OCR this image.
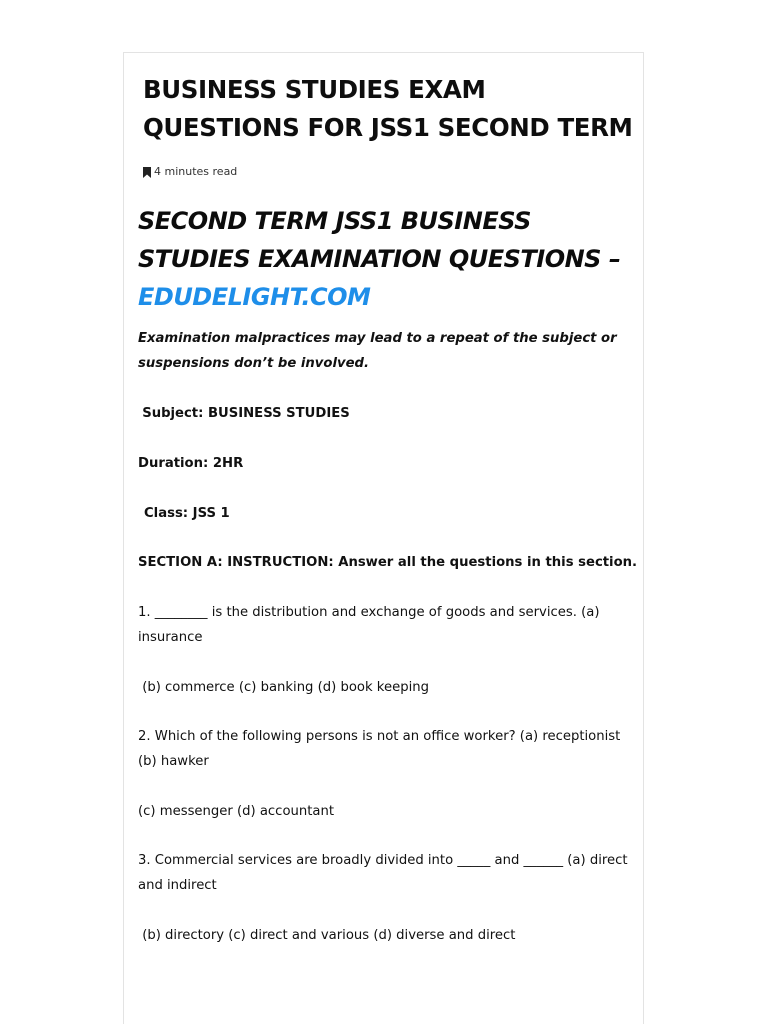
BUSINESS STUDIES EXAM QUESTIONS FOR JSS1 SECOND TERM
4 minutes read
SECOND TERM JSS1 BUSINESS STUDIES EXAMINATION QUESTIONS –
EDUDELIGHT.COM

Examination malpractices may lead to a repeat of the subject or suspensions don’t be involved.

Subject: BUSINESS STUDIES

Duration: 2HR

Class: JSS 1

SECTION A: INSTRUCTION: Answer all the questions in this section.

1. ________ is the distribution and exchange of goods and services. (a) insurance

(b) commerce (c) banking (d) book keeping

2. Which of the following persons is not an office worker? (a) receptionist (b) hawker

(c) messenger (d) accountant

3. Commercial services are broadly divided into _____ and ______ (a) direct and indirect

(b) directory (c) direct and various (d) diverse and direct
